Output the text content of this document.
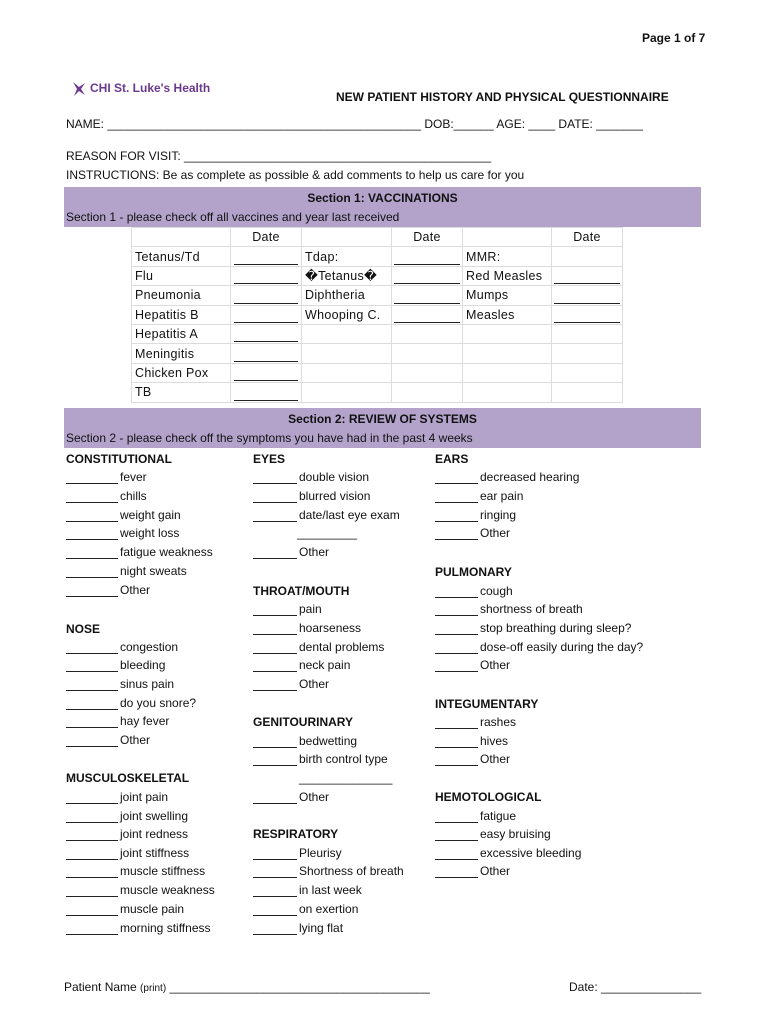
Page 1 of 7
CHI St. Luke's Health
NEW PATIENT HISTORY AND PHYSICAL QUESTIONNAIRE
NAME: _______________________________________________ DOB:______ AGE: ____ DATE: _______
REASON FOR VISIT: ______________________________________________
INSTRUCTIONS: Be as complete as possible & add comments to help us care for you
Section 1: VACCINATIONS
Section 1 - please check off all vaccines and year last received
	Date		Date		Date
Tetanus/Td		Tdap:		MMR:	
Flu		�Tetanus�		Red Measles	
Pneumonia		Diphtheria		Mumps	
Hepatitis B		Whooping C.		Measles	
Hepatitis A					
Meningitis					
Chicken Pox					
TB					
Section 2: REVIEW OF SYSTEMS
Section 2 - please check off the symptoms you have had in the past 4 weeks
CONSTITUTIONAL
fever
chills
weight gain
weight loss
fatigue weakness
night sweats
Other
NOSE
congestion
bleeding
sinus pain
do you snore?
hay fever
Other
MUSCULOSKELETAL
joint pain
joint swelling
joint redness
joint stiffness
muscle stiffness
muscle weakness
muscle pain
morning stiffness
EYES
double vision
blurred vision
date/last eye exam
_________
Other
THROAT/MOUTH
pain
hoarseness
dental problems
neck pain
Other
GENITOURINARY
bedwetting
birth control type
______________
Other
RESPIRATORY
Pleurisy
Shortness of breath
in last week
on exertion
lying flat
EARS
decreased hearing
ear pain
ringing
Other
PULMONARY
cough
shortness of breath
stop breathing during sleep?
dose-off easily during the day?
Other
INTEGUMENTARY
rashes
hives
Other
HEMOTOLOGICAL
fatigue
easy bruising
excessive bleeding
Other
Patient Name (print) _______________________________________	Date: _______________
